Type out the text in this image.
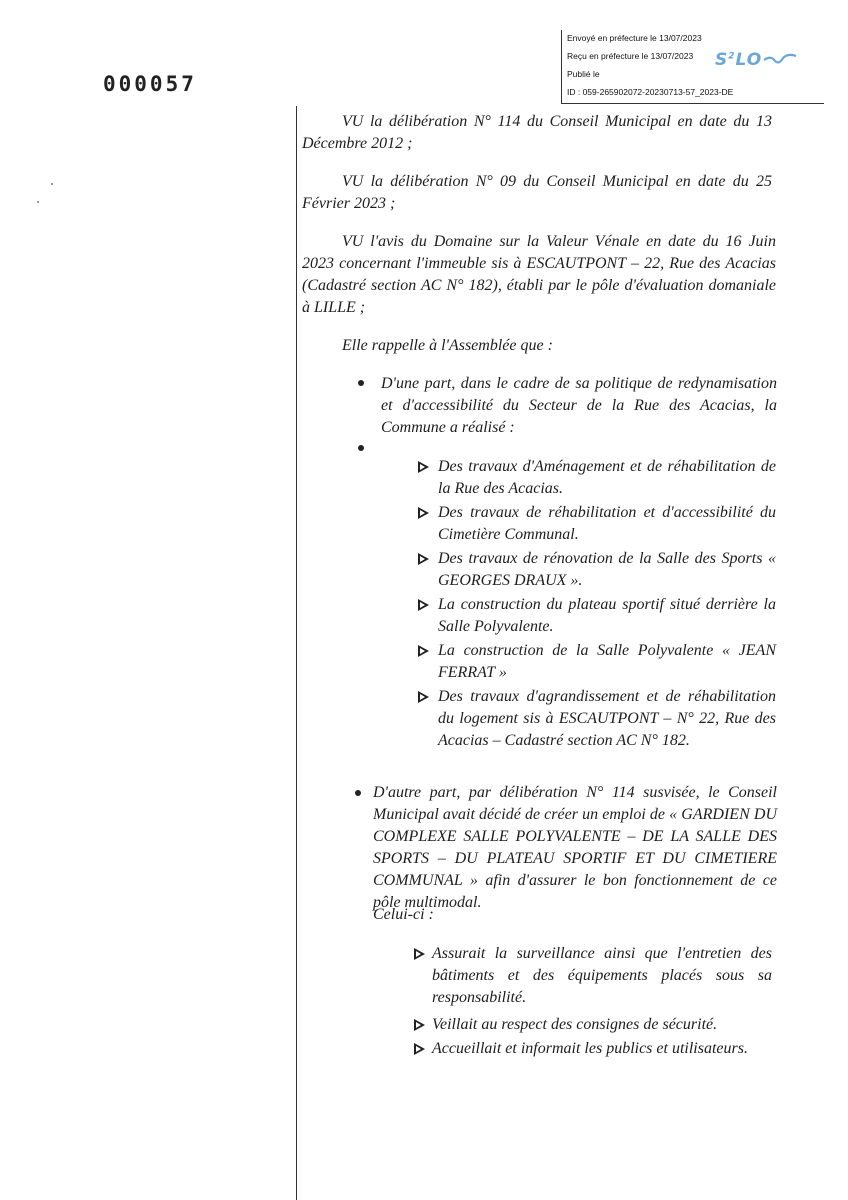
Envoyé en préfecture le 13/07/2023
Reçu en préfecture le 13/07/2023
Publié le
ID : 059-265902072-20230713-57_2023-DE
$S^2LO$
000057
VU la délibération N° 114 du Conseil Municipal en date du 13 Décembre 2012 ;
VU la délibération N° 09 du Conseil Municipal en date du 25 Février 2023 ;
VU l'avis du Domaine sur la Valeur Vénale en date du 16 Juin 2023 concernant l'immeuble sis à ESCAUTPONT – 22, Rue des Acacias (Cadastré section AC N° 182), établi par le pôle d'évaluation domaniale à LILLE ;
Elle rappelle à l'Assemblée que :
D'une part, dans le cadre de sa politique de redynamisation et d'accessibilité du Secteur de la Rue des Acacias, la Commune a réalisé :
Des travaux d'Aménagement et de réhabilitation de la Rue des Acacias.
Des travaux de réhabilitation et d'accessibilité du Cimetière Communal.
Des travaux de rénovation de la Salle des Sports « GEORGES DRAUX ».
La construction du plateau sportif situé derrière la Salle Polyvalente.
La construction de la Salle Polyvalente « JEAN FERRAT »
Des travaux d'agrandissement et de réhabilitation du logement sis à ESCAUTPONT – N° 22, Rue des Acacias – Cadastré section AC N° 182.
D'autre part, par délibération N° 114 susvisée, le Conseil Municipal avait décidé de créer un emploi de « GARDIEN DU COMPLEXE SALLE POLYVALENTE – DE LA SALLE DES SPORTS – DU PLATEAU SPORTIF ET DU CIMETIERE COMMUNAL » afin d'assurer le bon fonctionnement de ce pôle multimodal.
Celui-ci :
Assurait la surveillance ainsi que l'entretien des bâtiments et des équipements placés sous sa responsabilité.
Veillait au respect des consignes de sécurité.
Accueillait et informait les publics et utilisateurs.
